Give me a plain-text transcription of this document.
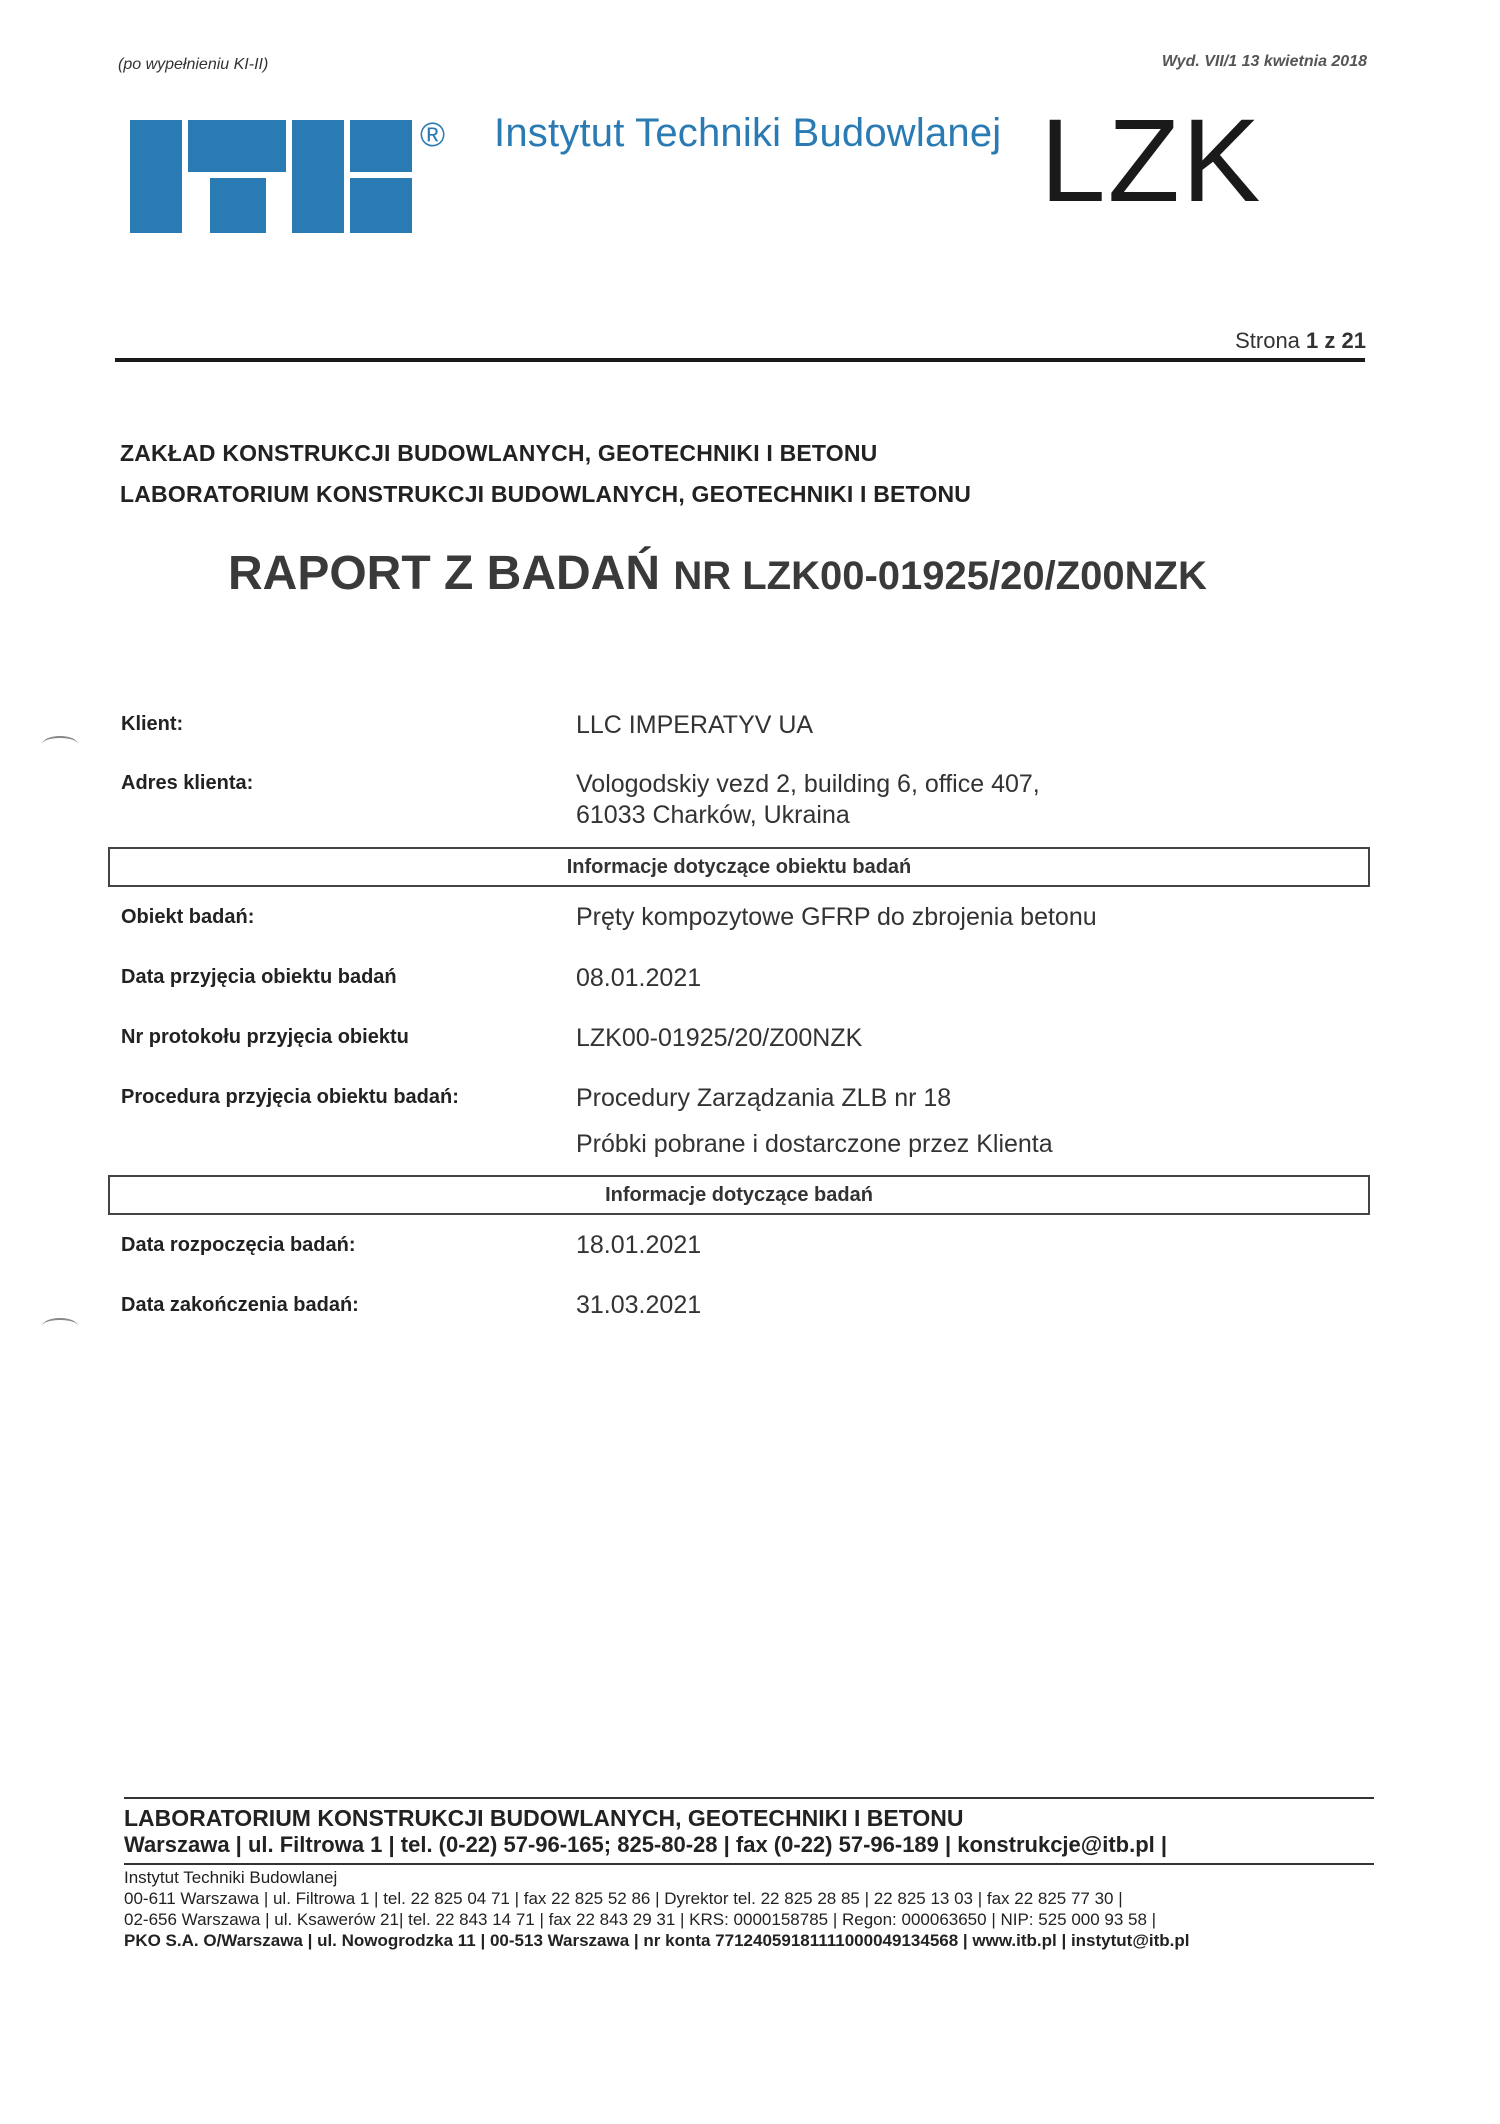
(po wypełnieniu KI-II)	Wyd. VII/1 13 kwietnia 2018
® Instytut Techniki Budowlanej LZK
Strona 1 z 21
ZAKŁAD KONSTRUKCJI BUDOWLANYCH, GEOTECHNIKI I BETONU
LABORATORIUM KONSTRUKCJI BUDOWLANYCH, GEOTECHNIKI I BETONU
RAPORT Z BADAŃ NR LZK00-01925/20/Z00NZK
Klient:	LLC IMPERATYV UA
Adres klienta:	Vologodskiy vezd 2, building 6, office 407,
61033 Charków, Ukraina
Informacje dotyczące obiektu badań
Obiekt badań:	Pręty kompozytowe GFRP do zbrojenia betonu
Data przyjęcia obiektu badań	08.01.2021
Nr protokołu przyjęcia obiektu	LZK00-01925/20/Z00NZK
Procedura przyjęcia obiektu badań:	Procedury Zarządzania ZLB nr 18
Próbki pobrane i dostarczone przez Klienta
Informacje dotyczące badań
Data rozpoczęcia badań:	18.01.2021
Data zakończenia badań:	31.03.2021
LABORATORIUM KONSTRUKCJI BUDOWLANYCH, GEOTECHNIKI I BETONU
Warszawa | ul. Filtrowa 1 | tel. (0-22) 57-96-165; 825-80-28 | fax (0-22) 57-96-189 | konstrukcje@itb.pl |
Instytut Techniki Budowlanej
00-611 Warszawa | ul. Filtrowa 1 | tel. 22 825 04 71 | fax 22 825 52 86 | Dyrektor tel. 22 825 28 85 | 22 825 13 03 | fax 22 825 77 30 |
02-656 Warszawa | ul. Ksawerów 21| tel. 22 843 14 71 | fax 22 843 29 31 | KRS: 0000158785 | Regon: 000063650 | NIP: 525 000 93 58 |
PKO S.A. O/Warszawa | ul. Nowogrodzka 11 | 00-513 Warszawa | nr konta 77124059181111000049134568 | www.itb.pl | instytut@itb.pl
